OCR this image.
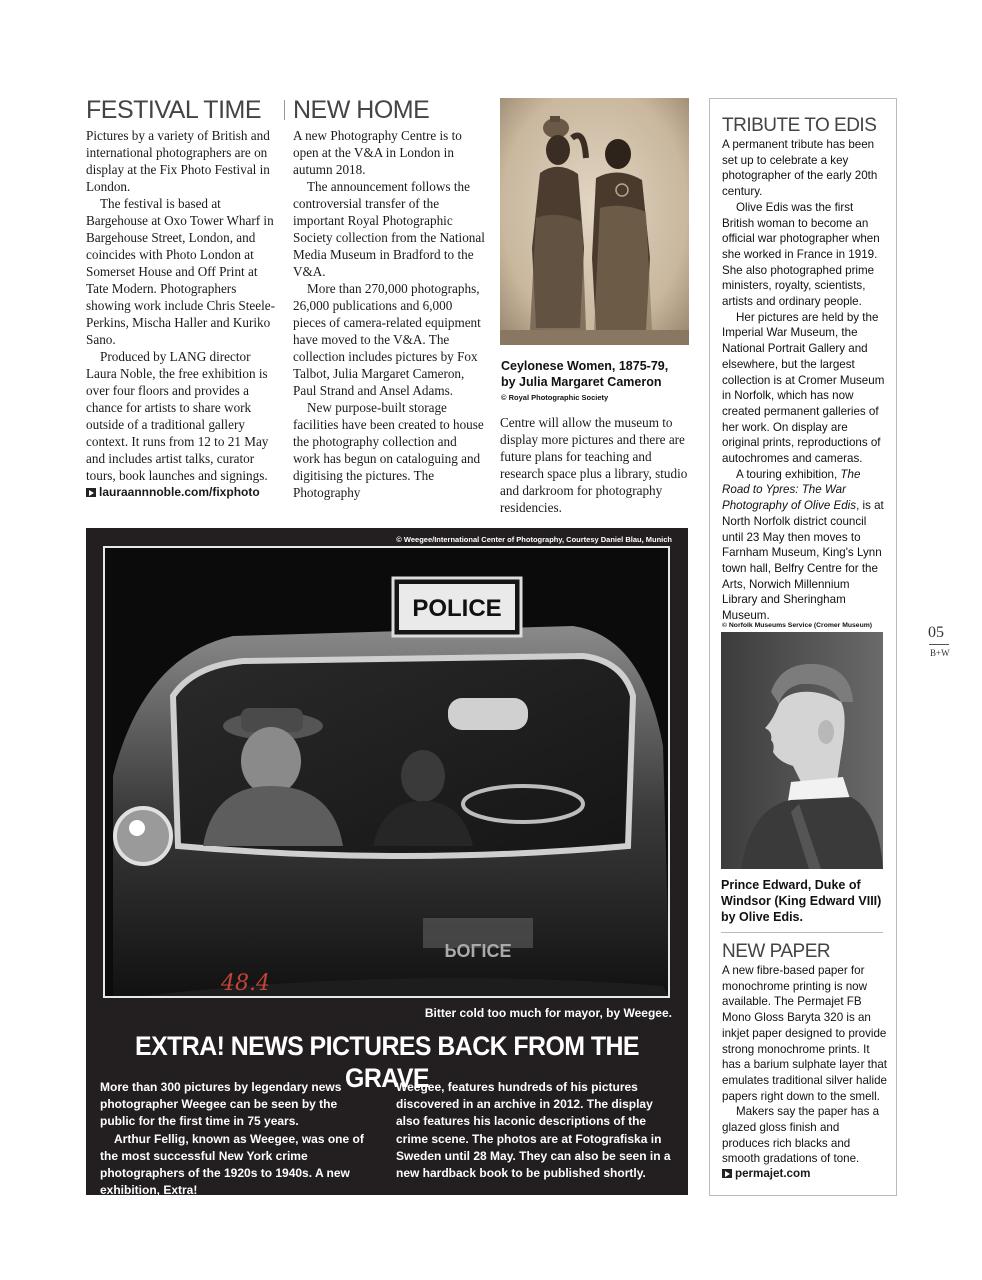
FESTIVAL TIME

Pictures by a variety of British and international photographers are on display at the Fix Photo Festival in London.

The festival is based at Bargehouse at Oxo Tower Wharf in Bargehouse Street, London, and coincides with Photo London at Somerset House and Off Print at Tate Modern. Photographers showing work include Chris Steele-Perkins, Mischa Haller and Kuriko Sano.

Produced by LANG director Laura Noble, the free exhibition is over four floors and provides a chance for artists to share work outside of a traditional gallery context. It runs from 12 to 21 May and includes artist talks, curator tours, book launches and signings.

lauraannnoble.com/fixphoto
NEW HOME

A new Photography Centre is to open at the V&A in London in autumn 2018.

The announcement follows the controversial transfer of the important Royal Photographic Society collection from the National Media Museum in Bradford to the V&A.

More than 270,000 photographs, 26,000 publications and 6,000 pieces of camera-related equipment have moved to the V&A. The collection includes pictures by Fox Talbot, Julia Margaret Cameron, Paul Strand and Ansel Adams.

New purpose-built storage facilities have been created to house the photography collection and work has begun on cataloguing and digitising the pictures. The Photography

Ceylonese Women, 1875-79, by Julia Margaret Cameron
© Royal Photographic Society
Centre will allow the museum to display more pictures and there are future plans for teaching and research space plus a library, studio and darkroom for photography residencies.
© Weegee/International Center of Photography, Courtesy Daniel Blau, Munich
POLICE
POLICE
48.4
Bitter cold too much for mayor, by Weegee.
EXTRA! NEWS PICTURES BACK FROM THE GRAVE

More than 300 pictures by legendary news photographer Weegee can be seen by the public for the first time in 75 years.

Arthur Fellig, known as Weegee, was one of the most successful New York crime photographers of the 1920s to 1940s. A new exhibition, Extra!

Weegee, features hundreds of his pictures discovered in an archive in 2012. The display also features his laconic descriptions of the crime scene. The photos are at Fotografiska in Sweden until 28 May. They can also be seen in a new hardback book to be published shortly.

TRIBUTE TO EDIS

A permanent tribute has been set up to celebrate a key photographer of the early 20th century.

Olive Edis was the first British woman to become an official war photographer when she worked in France in 1919. She also photographed prime ministers, royalty, scientists, artists and ordinary people.

Her pictures are held by the Imperial War Museum, the National Portrait Gallery and elsewhere, but the largest collection is at Cromer Museum in Norfolk, which has now created permanent galleries of her work. On display are original prints, reproductions of autochromes and cameras.

A touring exhibition, The Road to Ypres: The War Photography of Olive Edis, is at North Norfolk district council until 23 May then moves to Farnham Museum, King's Lynn town hall, Belfry Centre for the Arts, Norwich Millennium Library and Sheringham Museum.

© Norfolk Museums Service (Cromer Museum)
Prince Edward, Duke of Windsor (King Edward VIII) by Olive Edis.
NEW PAPER

A new fibre-based paper for monochrome printing is now available. The Permajet FB Mono Gloss Baryta 320 is an inkjet paper designed to provide strong monochrome prints. It has a barium sulphate layer that emulates traditional silver halide papers right down to the smell.

Makers say the paper has a glazed gloss finish and produces rich blacks and smooth gradations of tone.

permajet.com
05
B+W
